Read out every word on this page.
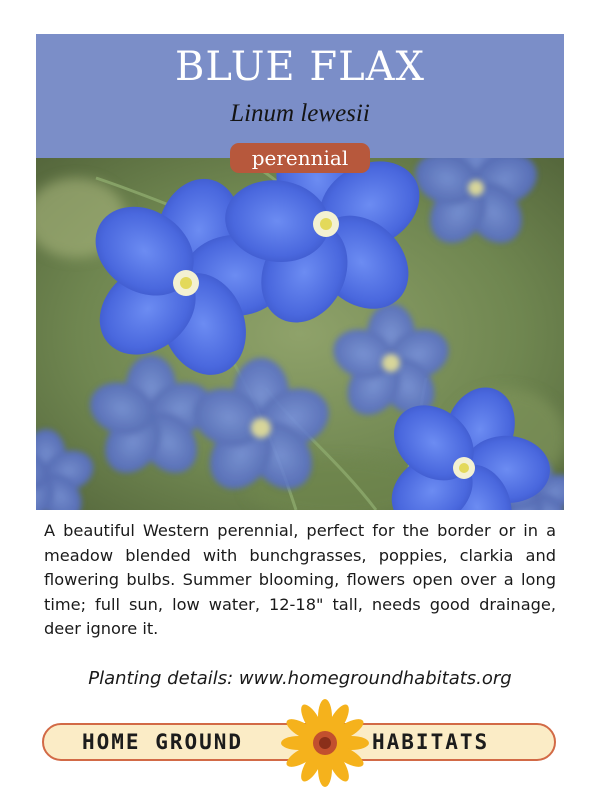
BLUE FLAX
Linum lewesii
perennial
A beautiful Western perennial, perfect for the border or in a meadow blended with bunchgrasses, poppies, clarkia and flowering bulbs. Summer blooming, flowers open over a long time; full sun, low water, 12-18" tall, needs good drainage, deer ignore it.
Planting details: www.homegroundhabitats.org
HOME GROUND	HABITATS
